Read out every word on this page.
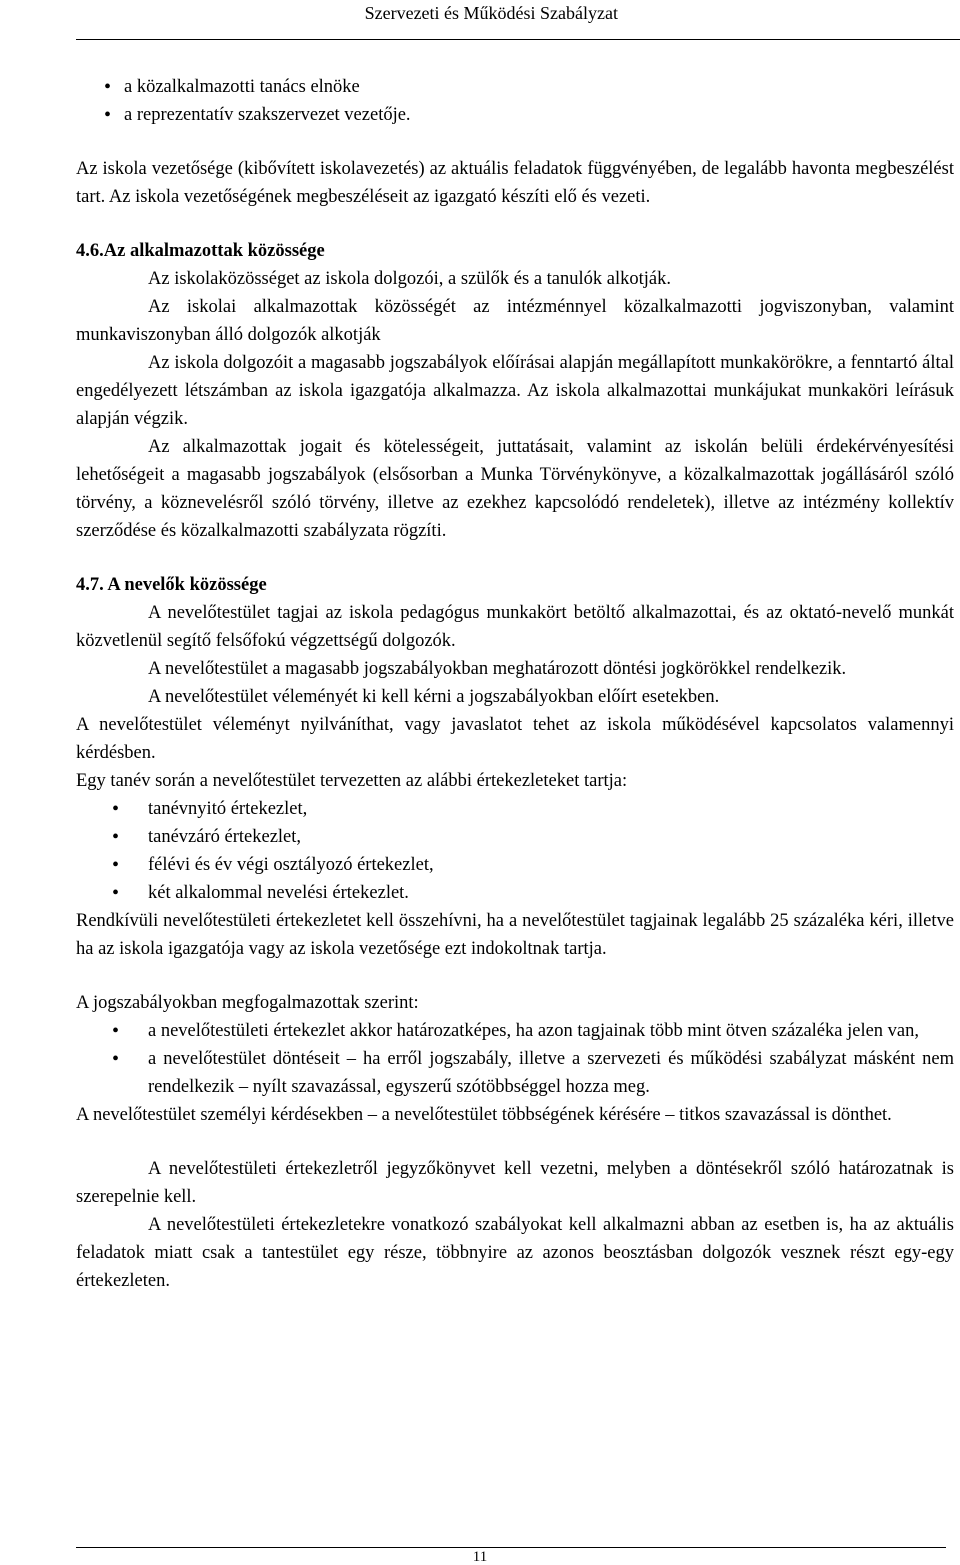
Szervezeti és Működési Szabályzat
• a közalkalmazotti tanács elnöke
• a reprezentatív szakszervezet vezetője.

Az iskola vezetősége (kibővített iskolavezetés) az aktuális feladatok függvényében, de legalább havonta megbeszélést tart. Az iskola vezetőségének megbeszéléseit az igazgató készíti elő és vezeti.

4.6.Az alkalmazottak közössége

Az iskolaközösséget az iskola dolgozói, a szülők és a tanulók alkotják.

Az iskolai alkalmazottak közösségét az intézménnyel közalkalmazotti jogviszonyban, valamint munkaviszonyban álló dolgozók alkotják

Az iskola dolgozóit a magasabb jogszabályok előírásai alapján megállapított munkakörökre, a fenntartó által engedélyezett létszámban az iskola igazgatója alkalmazza. Az iskola alkalmazottai munkájukat munkaköri leírásuk alapján végzik.

Az alkalmazottak jogait és kötelességeit, juttatásait, valamint az iskolán belüli érdekérvényesítési lehetőségeit a magasabb jogszabályok (elsősorban a Munka Törvénykönyve, a közalkalmazottak jogállásáról szóló törvény, a köznevelésről szóló törvény, illetve az ezekhez kapcsolódó rendeletek), illetve az intézmény kollektív szerződése és közalkalmazotti szabályzata rögzíti.

4.7. A nevelők közössége

A nevelőtestület tagjai az iskola pedagógus munkakört betöltő alkalmazottai, és az oktató-nevelő munkát közvetlenül segítő felsőfokú végzettségű dolgozók.

A nevelőtestület a magasabb jogszabályokban meghatározott döntési jogkörökkel rendelkezik.

A nevelőtestület véleményét ki kell kérni a jogszabályokban előírt esetekben.

A nevelőtestület véleményt nyilváníthat, vagy javaslatot tehet az iskola működésével kapcsolatos valamennyi kérdésben.

Egy tanév során a nevelőtestület tervezetten az alábbi értekezleteket tartja:

• tanévnyitó értekezlet,
• tanévzáró értekezlet,
• félévi és év végi osztályozó értekezlet,
• két alkalommal nevelési értekezlet.

Rendkívüli nevelőtestületi értekezletet kell összehívni, ha a nevelőtestület tagjainak legalább 25 százaléka kéri, illetve ha az iskola igazgatója vagy az iskola vezetősége ezt indokoltnak tartja.

A jogszabályokban megfogalmazottak szerint:

• a nevelőtestületi értekezlet akkor határozatképes, ha azon tagjainak több mint ötven százaléka jelen van,
• a nevelőtestület döntéseit – ha erről jogszabály, illetve a szervezeti és működési szabályzat másként nem rendelkezik – nyílt szavazással, egyszerű szótöbbséggel hozza meg.

A nevelőtestület személyi kérdésekben – a nevelőtestület többségének kérésére – titkos szavazással is dönthet.

A nevelőtestületi értekezletről jegyzőkönyvet kell vezetni, melyben a döntésekről szóló határozatnak is szerepelnie kell.

A nevelőtestületi értekezletekre vonatkozó szabályokat kell alkalmazni abban az esetben is, ha az aktuális feladatok miatt csak a tantestület egy része, többnyire az azonos beosztásban dolgozók vesznek részt egy-egy értekezleten.

11
